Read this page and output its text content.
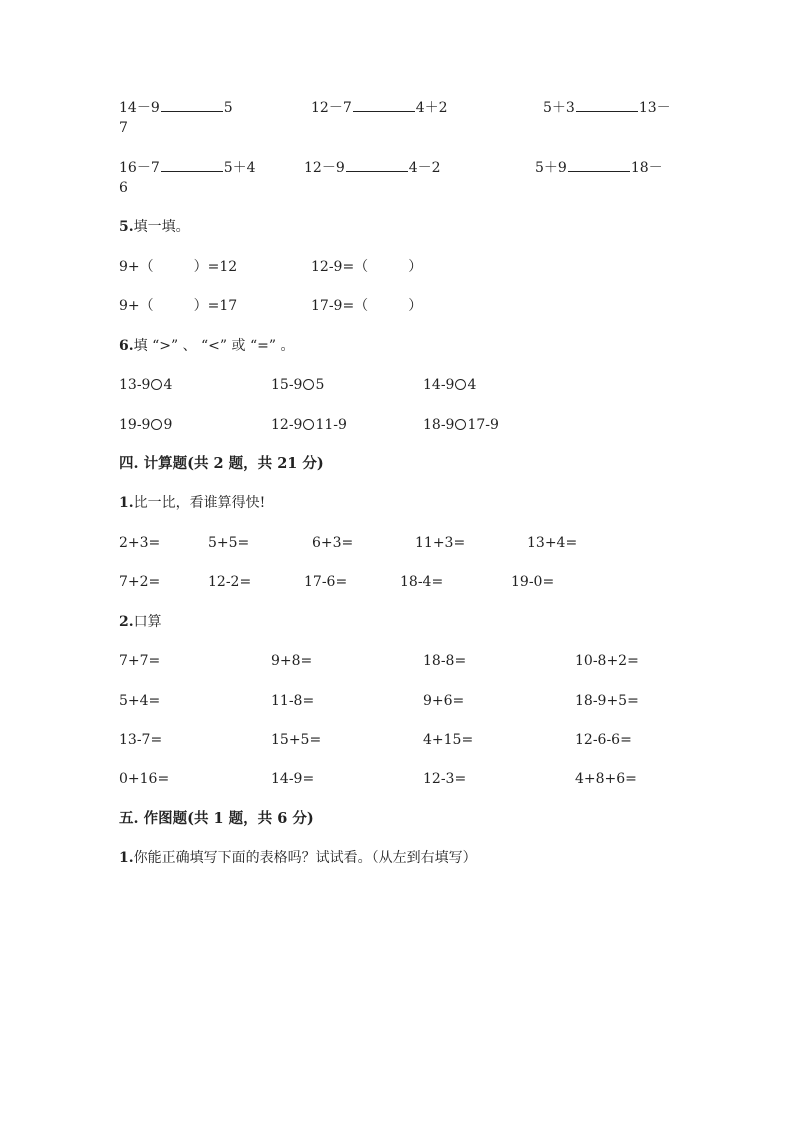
14－9	5	12－7	4＋2	5＋3	13－
7
16－7	5＋4	12－9	4－2	5＋9	18－
6
5.填一填。
9+（	）=12	12-9=（	）
9+（	）=17	17-9=（	）
6.填 “>” 、 “<” 或 “=” 。
13-9 4	15-9 5	14-9 4
19-9 9	12-9 11-9	18-9 17-9
四. 计算题(共 2 题，共 21 分)
1.比一比，看谁算得快!
2+3=	5+5=	6+3=	11+3=	13+4=
7+2=	12-2=	17-6=	18-4=	19-0=
2.口算
7+7=	9+8=	18-8=	10-8+2=
5+4=	11-8=	9+6=	18-9+5=
13-7=	15+5=	4+15=	12-6-6=
0+16=	14-9=	12-3=	4+8+6=
五. 作图题(共 1 题，共 6 分)
1.你能正确填写下面的表格吗？试试看。（从左到右填写）
